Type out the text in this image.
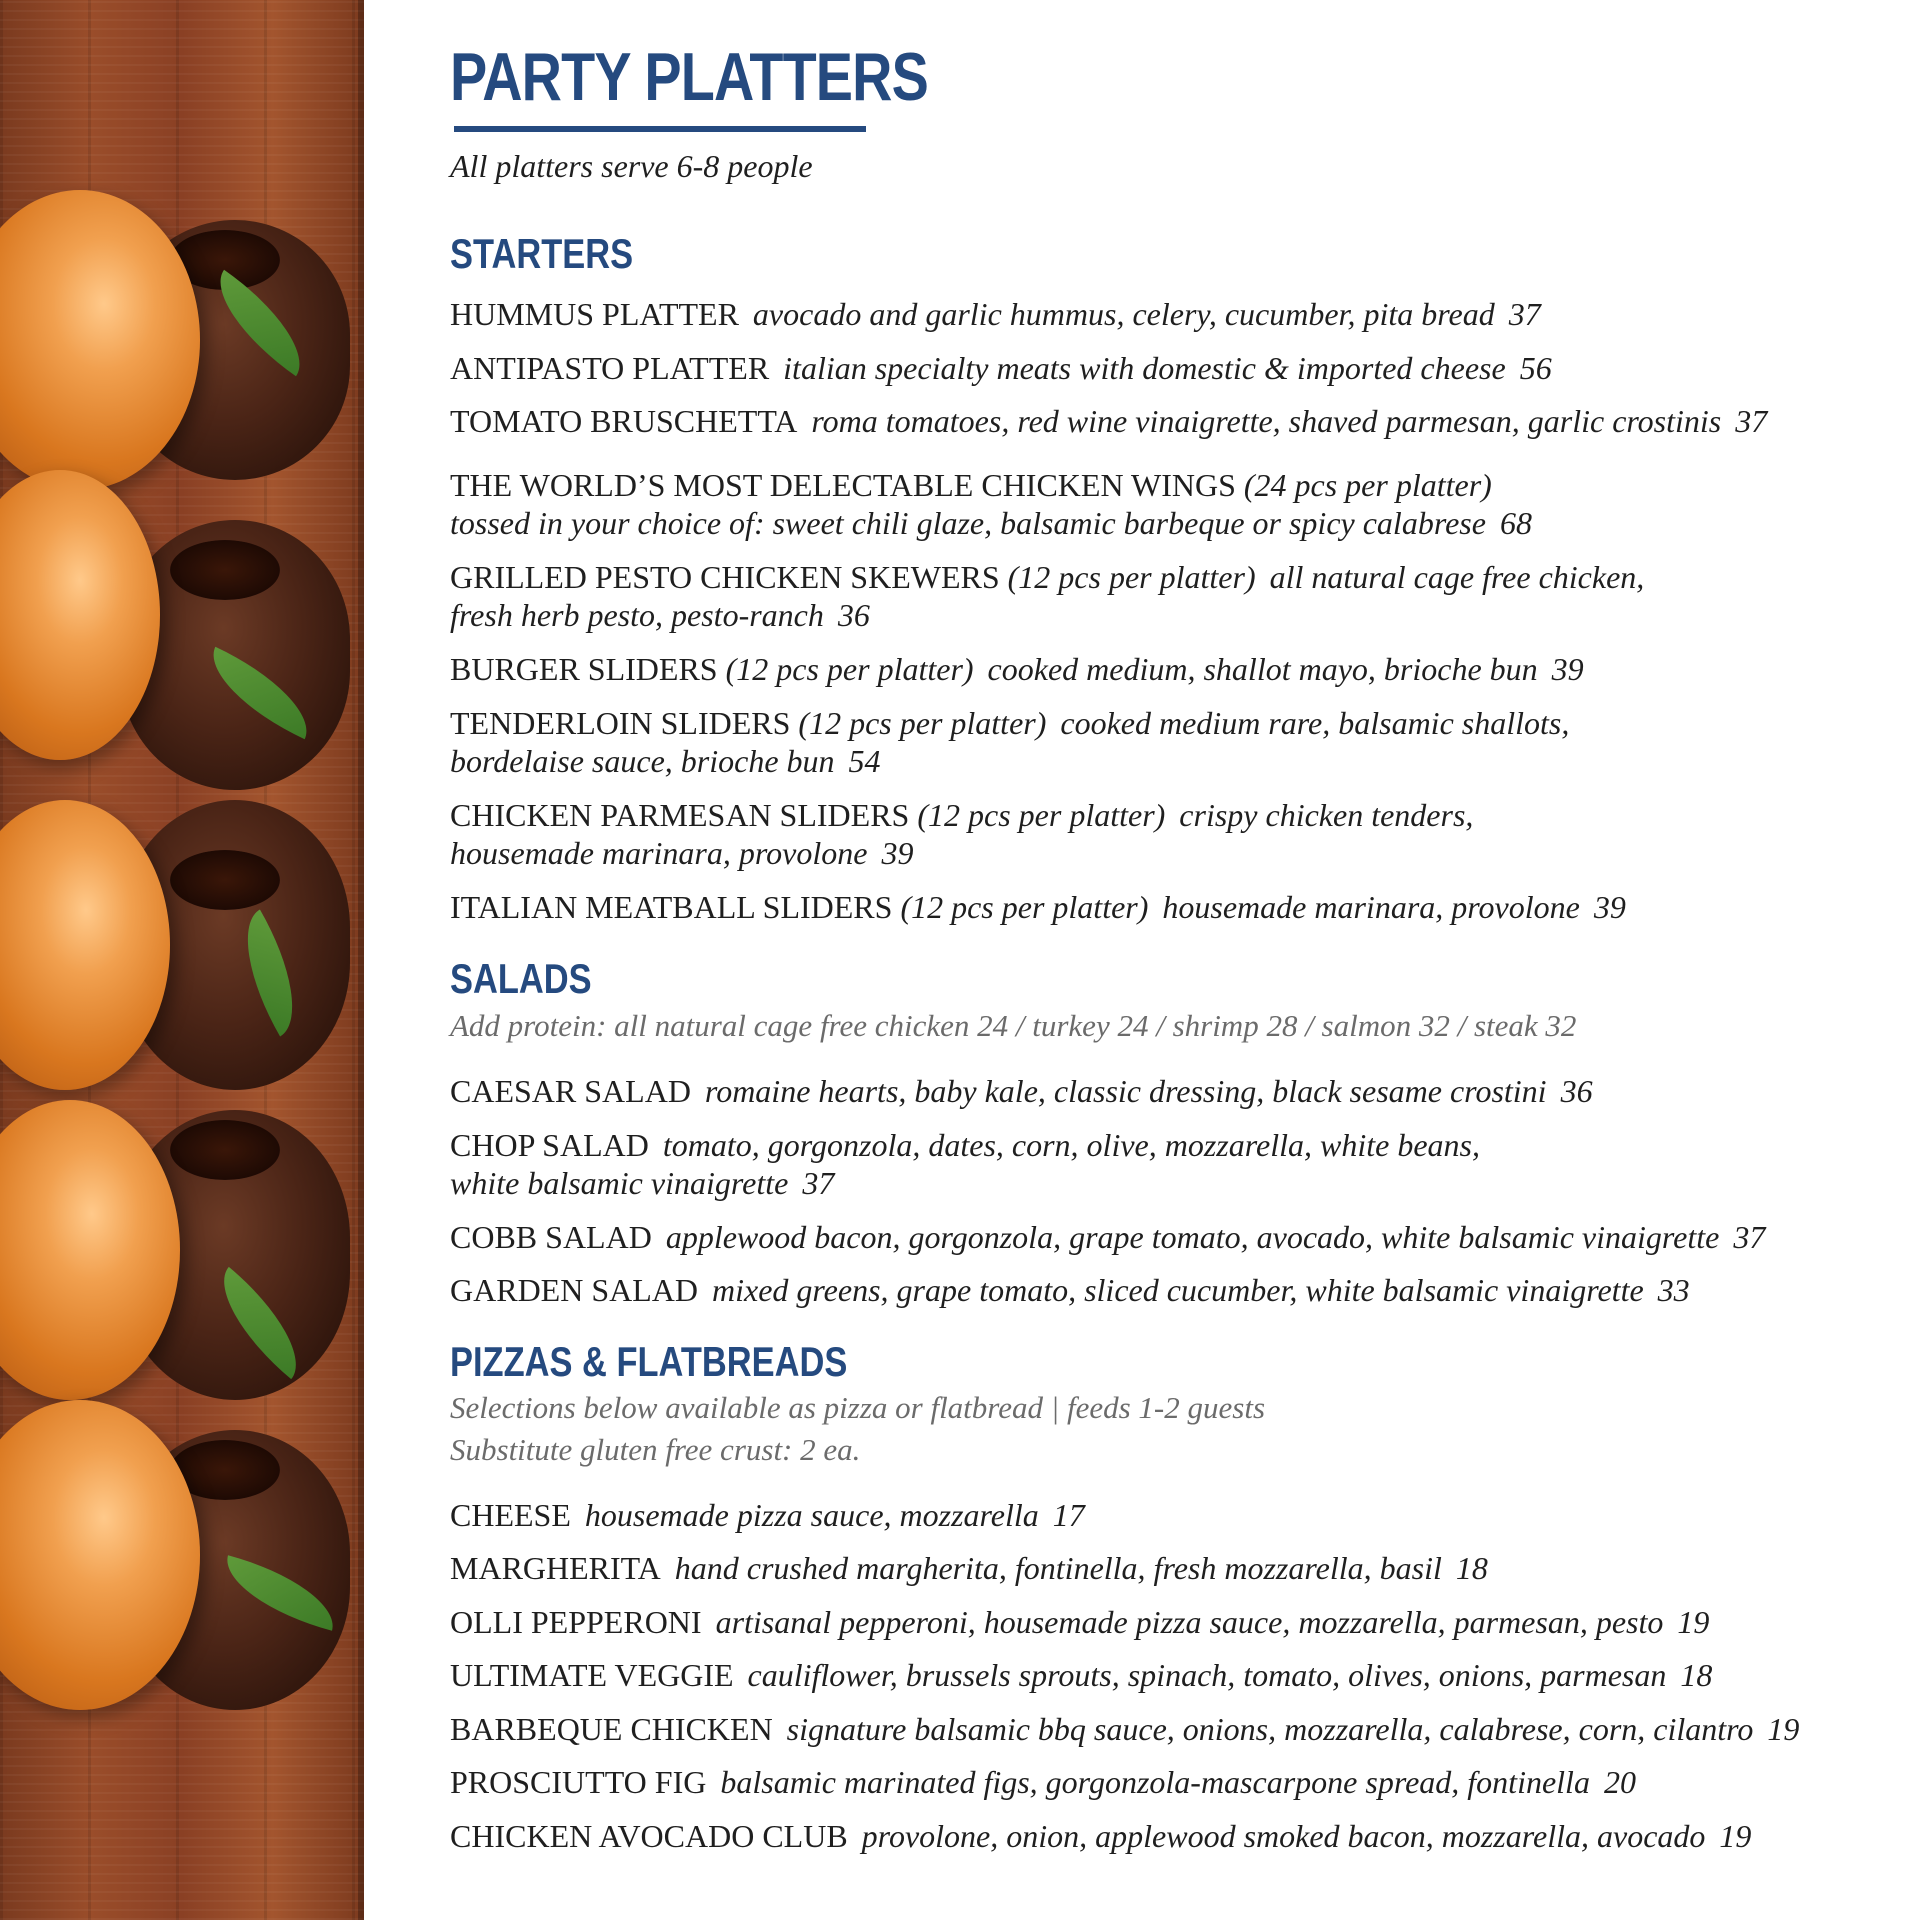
PARTY PLATTERS
All platters serve 6-8 people
STARTERS
HUMMUS PLATTER avocado and garlic hummus, celery, cucumber, pita bread 37
ANTIPASTO PLATTER italian specialty meats with domestic & imported cheese 56
TOMATO BRUSCHETTA roma tomatoes, red wine vinaigrette, shaved parmesan, garlic crostinis 37
THE WORLD’S MOST DELECTABLE CHICKEN WINGS (24 pcs per platter)
tossed in your choice of: sweet chili glaze, balsamic barbeque or spicy calabrese 68
GRILLED PESTO CHICKEN SKEWERS (12 pcs per platter) all natural cage free chicken,
fresh herb pesto, pesto-ranch 36
BURGER SLIDERS (12 pcs per platter) cooked medium, shallot mayo, brioche bun 39
TENDERLOIN SLIDERS (12 pcs per platter) cooked medium rare, balsamic shallots,
bordelaise sauce, brioche bun 54
CHICKEN PARMESAN SLIDERS (12 pcs per platter) crispy chicken tenders,
housemade marinara, provolone 39
ITALIAN MEATBALL SLIDERS (12 pcs per platter) housemade marinara, provolone 39
SALADS
Add protein: all natural cage free chicken 24 / turkey 24 / shrimp 28 / salmon 32 / steak 32
CAESAR SALAD romaine hearts, baby kale, classic dressing, black sesame crostini 36
CHOP SALAD tomato, gorgonzola, dates, corn, olive, mozzarella, white beans,
white balsamic vinaigrette 37
COBB SALAD applewood bacon, gorgonzola, grape tomato, avocado, white balsamic vinaigrette 37
GARDEN SALAD mixed greens, grape tomato, sliced cucumber, white balsamic vinaigrette 33
PIZZAS & FLATBREADS
Selections below available as pizza or flatbread | feeds 1-2 guests
Substitute gluten free crust: 2 ea.
CHEESE housemade pizza sauce, mozzarella 17
MARGHERITA hand crushed margherita, fontinella, fresh mozzarella, basil 18
OLLI PEPPERONI artisanal pepperoni, housemade pizza sauce, mozzarella, parmesan, pesto 19
ULTIMATE VEGGIE cauliflower, brussels sprouts, spinach, tomato, olives, onions, parmesan 18
BARBEQUE CHICKEN signature balsamic bbq sauce, onions, mozzarella, calabrese, corn, cilantro 19
PROSCIUTTO FIG balsamic marinated figs, gorgonzola-mascarpone spread, fontinella 20
CHICKEN AVOCADO CLUB provolone, onion, applewood smoked bacon, mozzarella, avocado 19
